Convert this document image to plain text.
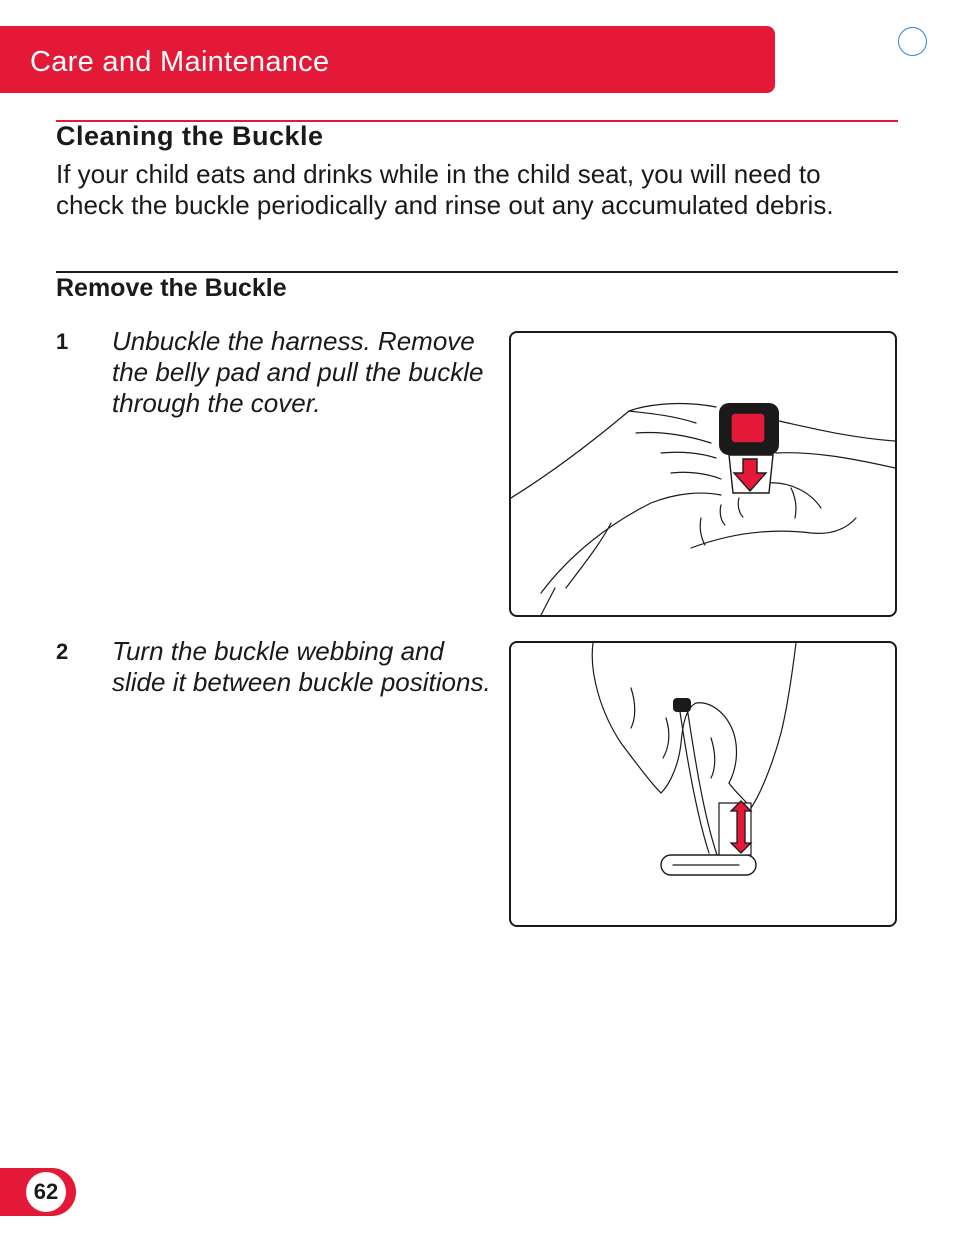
Care and Maintenance
Cleaning the Buckle
If your child eats and drinks while in the child seat, you will need to check the buckle periodically and rinse out any accumulated debris.
Remove the Buckle
1 Unbuckle the harness. Remove the belly pad and pull the buckle through the cover.
2 Turn the buckle webbing and slide it between buckle positions.
62
